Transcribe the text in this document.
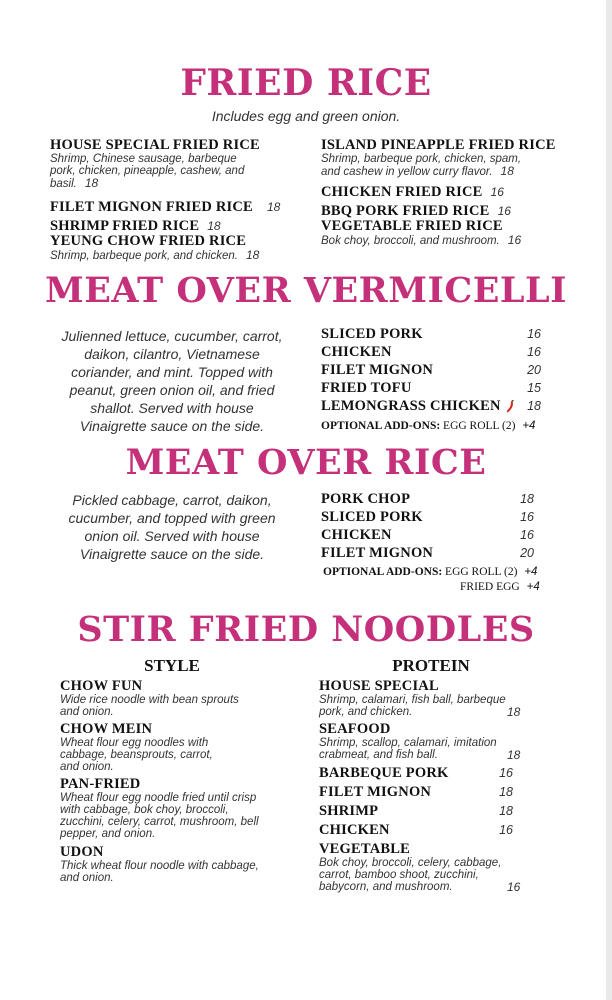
FRIED RICE
Includes egg and green onion.
HOUSE SPECIAL FRIED RICE
Shrimp, Chinese sausage, barbeque
pork, chicken, pineapple, cashew, and
basil. 18
FILET MIGNON FRIED RICE 18
SHRIMP FRIED RICE 18
YEUNG CHOW FRIED RICE
Shrimp, barbeque pork, and chicken. 18
ISLAND PINEAPPLE FRIED RICE
Shrimp, barbeque pork, chicken, spam,
and cashew in yellow curry flavor. 18
CHICKEN FRIED RICE 16
BBQ PORK FRIED RICE 16
VEGETABLE FRIED RICE
Bok choy, broccoli, and mushroom. 16
MEAT OVER VERMICELLI
Julienned lettuce, cucumber, carrot,
daikon, cilantro, Vietnamese
coriander, and mint. Topped with
peanut, green onion oil, and fried
shallot. Served with house
Vinaigrette sauce on the side.
SLICED PORK	16
CHICKEN	16
FILET MIGNON	20
FRIED TOFU	15
LEMONGRASS CHICKEN	18
OPTIONAL ADD-ONS: EGG ROLL (2) +4
MEAT OVER RICE
Pickled cabbage, carrot, daikon,
cucumber, and topped with green
onion oil. Served with house
Vinaigrette sauce on the side.
PORK CHOP	18
SLICED PORK	16
CHICKEN	16
FILET MIGNON	20
OPTIONAL ADD-ONS: EGG ROLL (2) +4
FRIED EGG +4
STIR FRIED NOODLES
STYLE	PROTEIN
CHOW FUN
Wide rice noodle with bean sprouts
and onion.
CHOW MEIN
Wheat flour egg noodles with
cabbage, beansprouts, carrot,
and onion.
PAN-FRIED
Wheat flour egg noodle fried until crisp
with cabbage, bok choy, broccoli,
zucchini, celery, carrot, mushroom, bell
pepper, and onion.
UDON
Thick wheat flour noodle with cabbage,
and onion.
HOUSE SPECIAL
Shrimp, calamari, fish ball, barbeque
pork, and chicken.	18
SEAFOOD
Shrimp, scallop, calamari, imitation
crabmeat, and fish ball.	18
BARBEQUE PORK	16
FILET MIGNON	18
SHRIMP	18
CHICKEN	16
VEGETABLE
Bok choy, broccoli, celery, cabbage,
carrot, bamboo shoot, zucchini,
babycorn, and mushroom.	16
